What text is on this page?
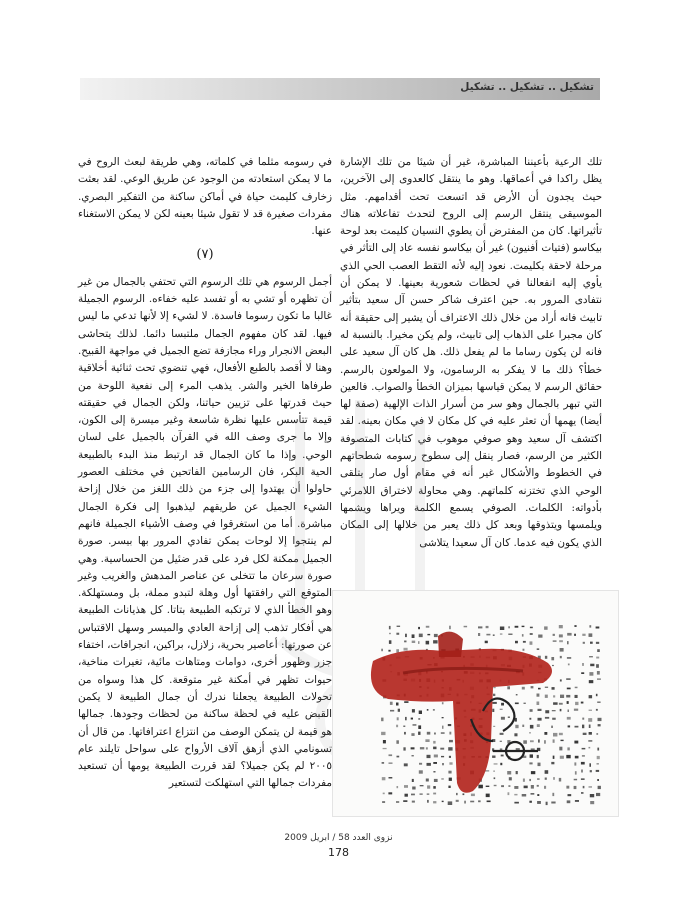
تشكيل .. تشكيل .. تشكيل

تلك الرعية بأعيننا المباشرة، غير أن شيئا من تلك الإشارة يظل راكدا في أعماقها. وهو ما ينتقل كالعدوى إلى الآخرين، حيث يجدون أن الأرض قد اتسعت تحت أقدامهم. مثل الموسيقى ينتقل الرسم إلى الروح لتحدث تفاعلاته هناك تأثيراتها. كان من المفترض أن يطوي النسيان كليمت بعد لوحة بيكاسو (فتيات أفنيون) غير أن بيكاسو نفسه عاد إلى التأثر في مرحلة لاحقة بكليمت. نعود إليه لأنه التقط العصب الحي الذي يأوي إليه انفعالنا في لحظات شعورية بعينها. لا يمكن أن نتفادى المرور به. حين اعترف شاكر حسن آل سعيد بتأثير تابيث فانه أراد من خلال ذلك الاعتراف أن يشير إلى حقيقة أنه كان مجبرا على الذهاب إلى تابيث، ولم يكن مخيرا. بالنسبة له فانه لن يكون رساما ما لم يفعل ذلك. هل كان آل سعيد على خطأ؟ ذلك ما لا يفكر به الرسامون، ولا المولعون بالرسم. حقائق الرسم لا يمكن قياسها بميزان الخطأ والصواب. فالعين التي تبهر بالجمال وهو سر من أسرار الذات الإلهية (صفة لها أيضا) يهمها أن تعثر عليه في كل مكان لا في مكان بعينه. لقد اكتشف آل سعيد وهو صوفي موهوب في كتابات المتصوفة الكثير من الرسم، فصار ينقل إلى سطوح رسومه شطحاتهم في الخطوط والأشكال غير أنه في مقام أول صار يتلقى الوحي الذي تختزنه كلماتهم. وهي محاولة لاختراق اللامرئي بأدواته: الكلمات. الصوفي يسمع الكلمة ويراها ويشمها ويلمسها ويتذوقها وبعد كل ذلك يعبر من خلالها إلى المكان الذي يكون فيه عدما. كان آل سعيدا يتلاشى

في رسومه مثلما في كلماته، وهي طريقة لبعث الروح في ما لا يمكن استعادته من الوجود عن طريق الوعي. لقد بعثت زخارف كليمت حياة في أماكن ساكنة من التفكير البصري. مفردات صغيرة قد لا تقول شيئا بعينه لكن لا يمكن الاستغناء عنها.

(٧)

أجمل الرسوم هي تلك الرسوم التي تحتفي بالجمال من غير أن تظهره أو تشي به أو تفسد عليه خفاءه. الرسوم الجميلة غالبا ما تكون رسوما فاسدة. لا لشيء إلا لأنها تدعي ما ليس فيها. لقد كان مفهوم الجمال ملتبسا دائما. لذلك يتحاشى البعض الانجرار وراء مجازفة تضع الجميل في مواجهة القبيح. وهنا لا أقصد بالطبع الأفعال، فهي تنضوي تحت ثنائية أخلاقية طرفاها الخير والشر. يذهب المرء إلى نفعية اللوحة من حيث قدرتها على تزيين حياتنا، ولكن الجمال في حقيقته قيمة تتأسس عليها نظرة شاسعة وغير ميسرة إلى الكون، وإلا ما جرى وصف الله في القرآن بالجميل على لسان الوحي. وإذا ما كان الجمال قد ارتبط منذ البدء بالطبيعة الحية البكر، فان الرسامين الفاتحين في مختلف العصور حاولوا أن يهتدوا إلى جزء من ذلك اللغز من خلال إزاحة الشيء الجميل عن طريقهم ليذهبوا إلى فكرة الجمال مباشرة. أما من استغرقوا في وصف الأشياء الجميلة فانهم لم ينتجوا إلا لوحات يمكن تفادي المرور بها بيسر. صورة الجميل ممكنة لكل فرد على قدر ضئيل من الحساسية. وهي صورة سرعان ما تتخلى عن عناصر المدهش والغريب وغير المتوقع التي رافقتها أول وهلة لتبدو مملة، بل ومستهلكة. وهو الخطأ الذي لا ترتكبه الطبيعة بتاتا. كل هذيانات الطبيعة هي أفكار تذهب إلى إزاحة العادي والميسر وسهل الاقتباس عن صورتها: أعاصير بحرية، زلازل، براكين، انجرافات، اختفاء جزر وظهور أخرى، دوامات ومتاهات مائية، تغيرات مناخية، حيوات تظهر في أمكنة غير متوقعة. كل هذا وسواه من تحولات الطبيعة يجعلنا ندرك أن جمال الطبيعة لا يكمن القبض عليه في لحظة ساكنة من لحظات وجودها. جمالها هو قيمة لن يتمكن الوصف من انتزاع اعترافاتها. من قال أن تسونامي الذي أزهق آلاف الأرواح على سواحل تايلند عام ٢٠٠٥ لم يكن جميلا؟ لقد قررت الطبيعة يومها أن تستعيد مفردات جمالها التي استهلكت لتستعير

نزوى العدد 58 / ابريل 2009
178
